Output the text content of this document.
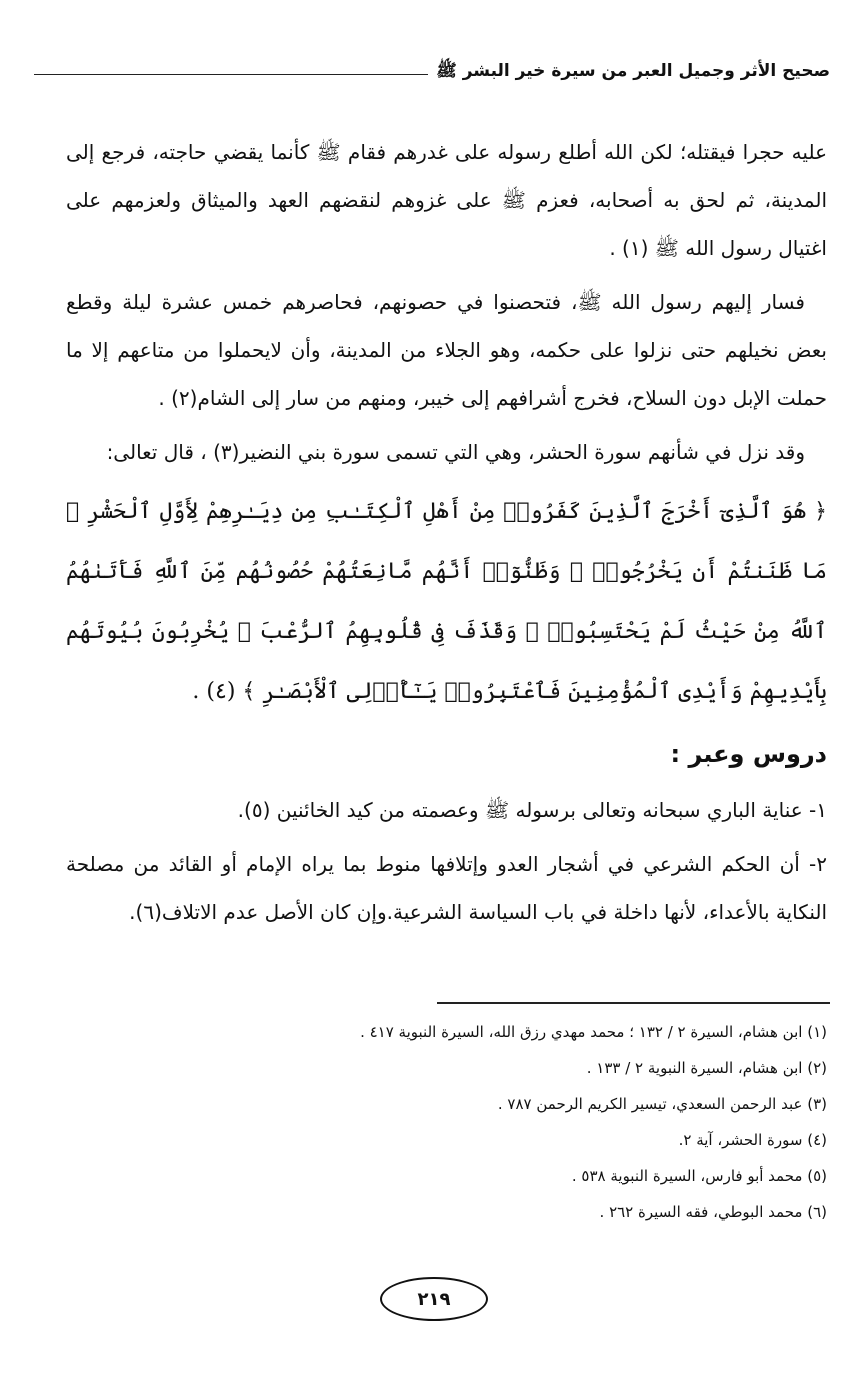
صحيح الأثر وجميل العبر من سيرة خير البشر ﷺ

عليه حجرا فيقتله؛ لكن الله أطلع رسوله على غدرهم فقام ﷺ كأنما يقضي حاجته، فرجع إلى المدينة، ثم لحق به أصحابه، فعزم ﷺ على غزوهم لنقضهم العهد والميثاق ولعزمهم على اغتيال رسول الله ﷺ (١) .

فسار إليهم رسول الله ﷺ، فتحصنوا في حصونهم، فحاصرهم خمس عشرة ليلة وقطع بعض نخيلهم حتى نزلوا على حكمه، وهو الجلاء من المدينة، وأن لايحملوا من متاعهم إلا ما حملت الإبل دون السلاح، فخرج أشرافهم إلى خيبر، ومنهم من سار إلى الشام(٢) .

وقد نزل في شأنهم سورة الحشر، وهي التي تسمى سورة بني النضير(٣) ، قال تعالى:

﴿ هُوَ ٱلَّذِىٓ أَخْرَجَ ٱلَّذِينَ كَفَرُوا۟ مِنْ أَهْلِ ٱلْكِتَـٰبِ مِن دِيَـٰرِهِمْ لِأَوَّلِ ٱلْحَشْرِ ۚ مَا ظَنَنتُمْ أَن يَخْرُجُوا۟ ۖ وَظَنُّوٓا۟ أَنَّهُم مَّانِعَتُهُمْ حُصُونُهُم مِّنَ ٱللَّهِ فَأَتَىٰهُمُ ٱللَّهُ مِنْ حَيْثُ لَمْ يَحْتَسِبُوا۟ ۖ وَقَذَفَ فِى قُلُوبِهِمُ ٱلرُّعْبَ ۚ يُخْرِبُونَ بُيُوتَهُم بِأَيْدِيهِمْ وَأَيْدِى ٱلْمُؤْمِنِينَ فَٱعْتَبِرُوا۟ يَـٰٓأُو۟لِى ٱلْأَبْصَـٰرِ ﴾ (٤) .

دروس وعبر :

١- عناية الباري سبحانه وتعالى برسوله ﷺ وعصمته من كيد الخائنين (٥).

٢- أن الحكم الشرعي في أشجار العدو وإتلافها منوط بما يراه الإمام أو القائد من مصلحة النكاية بالأعداء، لأنها داخلة في باب السياسة الشرعية.وإن كان الأصل عدم الاتلاف(٦).

(١) ابن هشام، السيرة ٢ / ١٣٢ ؛ محمد مهدي رزق الله، السيرة النبوية ٤١٧ .
(٢) ابن هشام، السيرة النبوية ٢ / ١٣٣ .
(٣) عبد الرحمن السعدي، تيسير الكريم الرحمن ٧٨٧ .
(٤) سورة الحشر، آية ٢.
(٥) محمد أبو فارس، السيرة النبوية ٥٣٨ .
(٦) محمد البوطي، فقه السيرة ٢٦٢ .
٢١٩
